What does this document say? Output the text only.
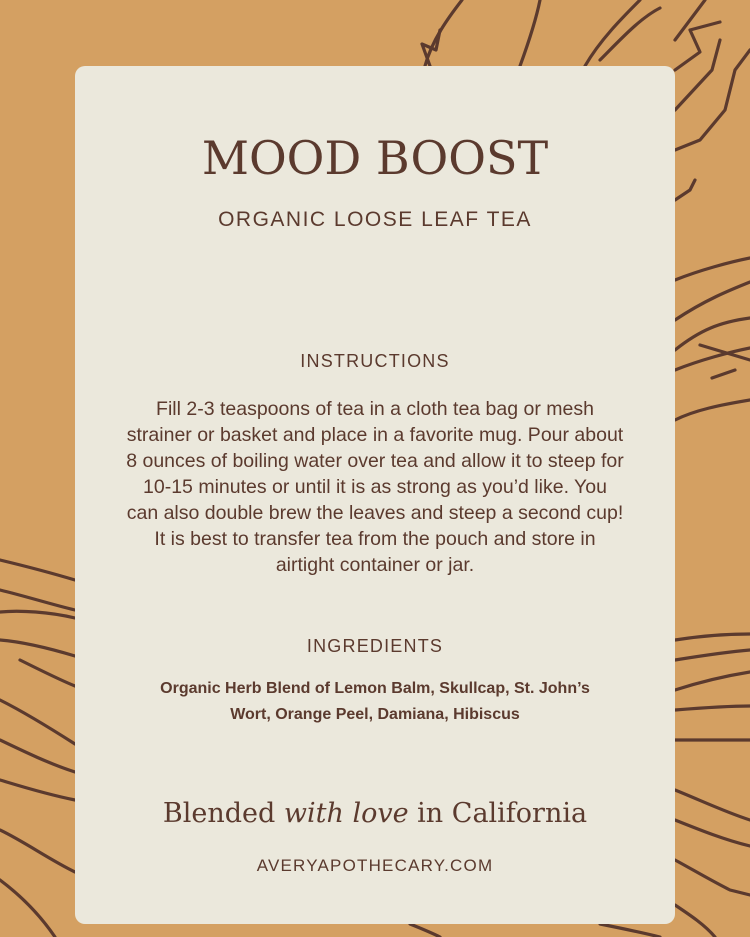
MOOD BOOST
ORGANIC LOOSE LEAF TEA
INSTRUCTIONS
Fill 2-3 teaspoons of tea in a cloth tea bag or mesh strainer or basket and place in a favorite mug. Pour about 8 ounces of boiling water over tea and allow it to steep for 10-15 minutes or until it is as strong as you’d like. You can also double brew the leaves and steep a second cup! It is best to transfer tea from the pouch and store in airtight container or jar.
INGREDIENTS
Organic Herb Blend of Lemon Balm, Skullcap, St. John’s Wort, Orange Peel, Damiana, Hibiscus
Blended with love in California
AVERYAPOTHECARY.COM
